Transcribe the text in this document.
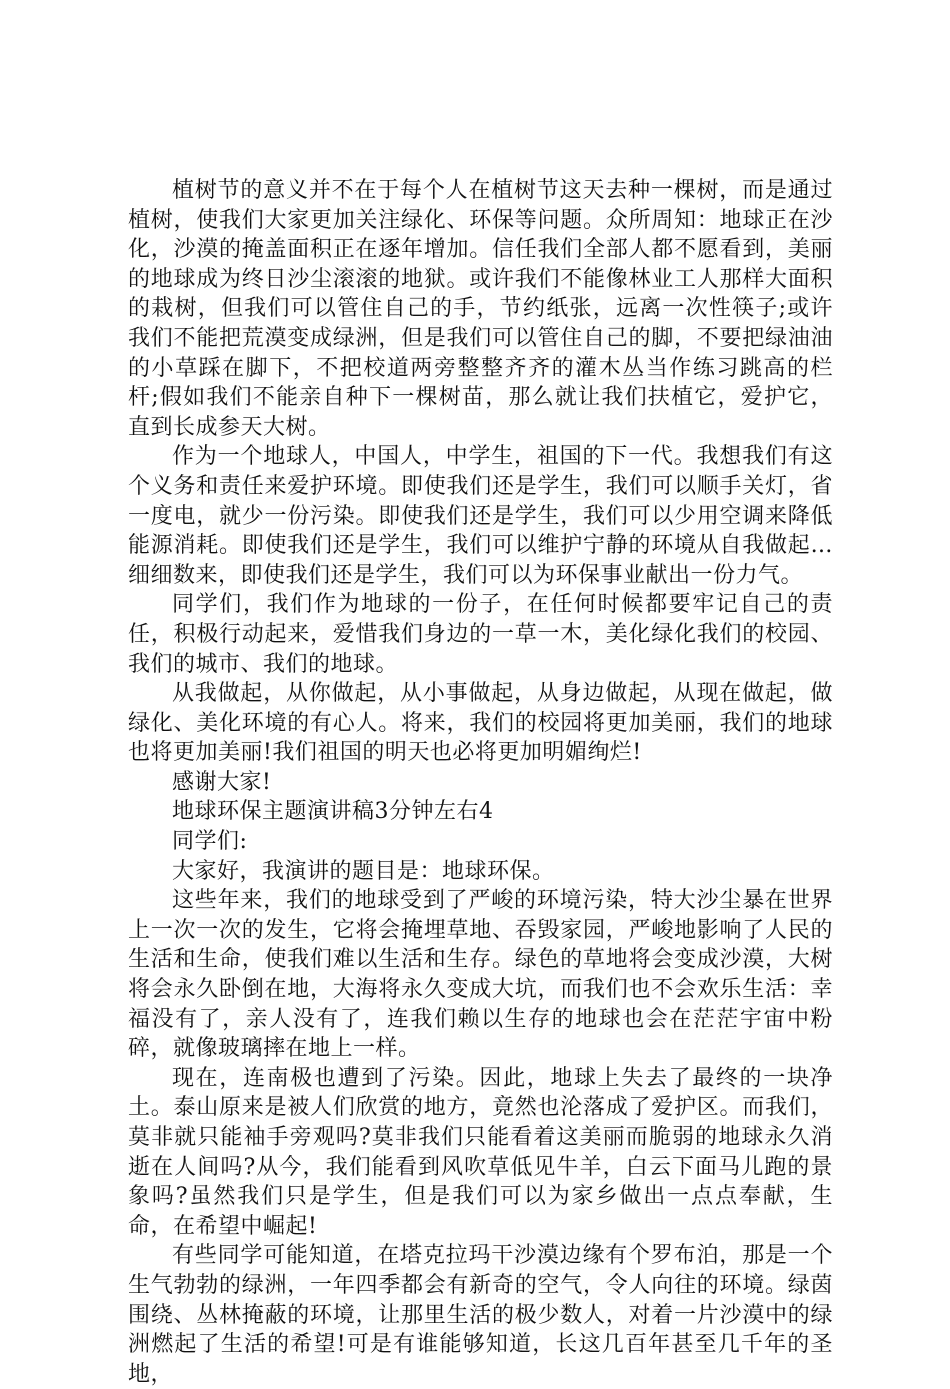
植树节的意义并不在于每个人在植树节这天去种一棵树，而是通过植树，使我们大家更加关注绿化、环保等问题。众所周知：地球正在沙化，沙漠的掩盖面积正在逐年增加。信任我们全部人都不愿看到，美丽的地球成为终日沙尘滚滚的地狱。或许我们不能像林业工人那样大面积的栽树，但我们可以管住自己的手，节约纸张，远离一次性筷子;或许我们不能把荒漠变成绿洲，但是我们可以管住自己的脚，不要把绿油油的小草踩在脚下，不把校道两旁整整齐齐的灌木丛当作练习跳高的栏杆;假如我们不能亲自种下一棵树苗，那么就让我们扶植它，爱护它，直到长成参天大树。

作为一个地球人，中国人，中学生，祖国的下一代。我想我们有这个义务和责任来爱护环境。即使我们还是学生，我们可以顺手关灯，省一度电，就少一份污染。即使我们还是学生，我们可以少用空调来降低能源消耗。即使我们还是学生，我们可以维护宁静的环境从自我做起…细细数来，即使我们还是学生，我们可以为环保事业献出一份力气。

同学们，我们作为地球的一份子，在任何时候都要牢记自己的责任，积极行动起来，爱惜我们身边的一草一木，美化绿化我们的校园、我们的城市、我们的地球。

从我做起，从你做起，从小事做起，从身边做起，从现在做起，做绿化、美化环境的有心人。将来，我们的校园将更加美丽，我们的地球也将更加美丽!我们祖国的明天也必将更加明媚绚烂!

感谢大家!

地球环保主题演讲稿3分钟左右4

同学们:

大家好，我演讲的题目是：地球环保。

这些年来，我们的地球受到了严峻的环境污染，特大沙尘暴在世界上一次一次的发生，它将会掩埋草地、吞毁家园，严峻地影响了人民的生活和生命，使我们难以生活和生存。绿色的草地将会变成沙漠，大树将会永久卧倒在地，大海将永久变成大坑，而我们也不会欢乐生活：幸福没有了，亲人没有了，连我们赖以生存的地球也会在茫茫宇宙中粉碎，就像玻璃摔在地上一样。

现在，连南极也遭到了污染。因此，地球上失去了最终的一块净土。泰山原来是被人们欣赏的地方，竟然也沦落成了爱护区。而我们，莫非就只能袖手旁观吗?莫非我们只能看着这美丽而脆弱的地球永久消逝在人间吗?从今，我们能看到风吹草低见牛羊，白云下面马儿跑的景象吗?虽然我们只是学生，但是我们可以为家乡做出一点点奉献，生命，在希望中崛起!

有些同学可能知道，在塔克拉玛干沙漠边缘有个罗布泊，那是一个生气勃勃的绿洲，一年四季都会有新奇的空气，令人向往的环境。绿茵围绕、丛林掩蔽的环境，让那里生活的极少数人，对着一片沙漠中的绿洲燃起了生活的希望!可是有谁能够知道，长这几百年甚至几千年的圣地，
